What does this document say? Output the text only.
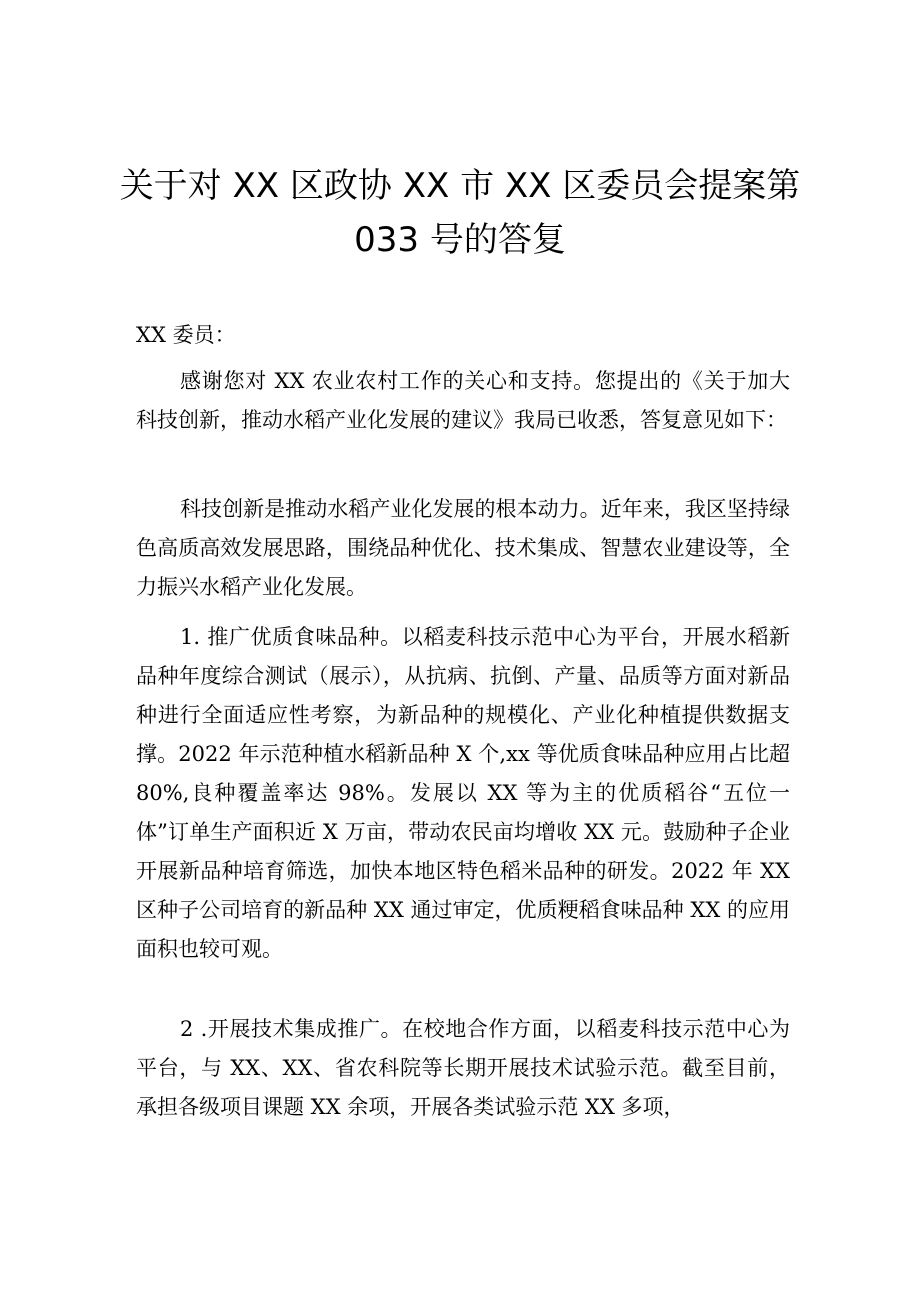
关于对 XX 区政协 XX 市 XX 区委员会提案第
033 号的答复

XX 委员：

感谢您对 XX 农业农村工作的关心和支持。您提出的《关于加大科技创新，推动水稻产业化发展的建议》我局已收悉，答复意见如下：

科技创新是推动水稻产业化发展的根本动力。近年来，我区坚持绿色高质高效发展思路，围绕品种优化、技术集成、智慧农业建设等，全力振兴水稻产业化发展。

1. 推广优质食味品种。以稻麦科技示范中心为平台，开展水稻新品种年度综合测试（展示），从抗病、抗倒、产量、品质等方面对新品种进行全面适应性考察，为新品种的规模化、产业化种植提供数据支撑。2022 年示范种植水稻新品种 X 个,xx 等优质食味品种应用占比超 80%,良种覆盖率达 98%。发展以 XX 等为主的优质稻谷“五位一体”订单生产面积近 X 万亩，带动农民亩均增收 XX 元。鼓励种子企业开展新品种培育筛选，加快本地区特色稻米品种的研发。2022 年 XX 区种子公司培育的新品种 XX 通过审定，优质粳稻食味品种 XX 的应用面积也较可观。

2 .开展技术集成推广。在校地合作方面，以稻麦科技示范中心为平台，与 XX、XX、省农科院等长期开展技术试验示范。截至目前，承担各级项目课题 XX 余项，开展各类试验示范 XX 多项，
